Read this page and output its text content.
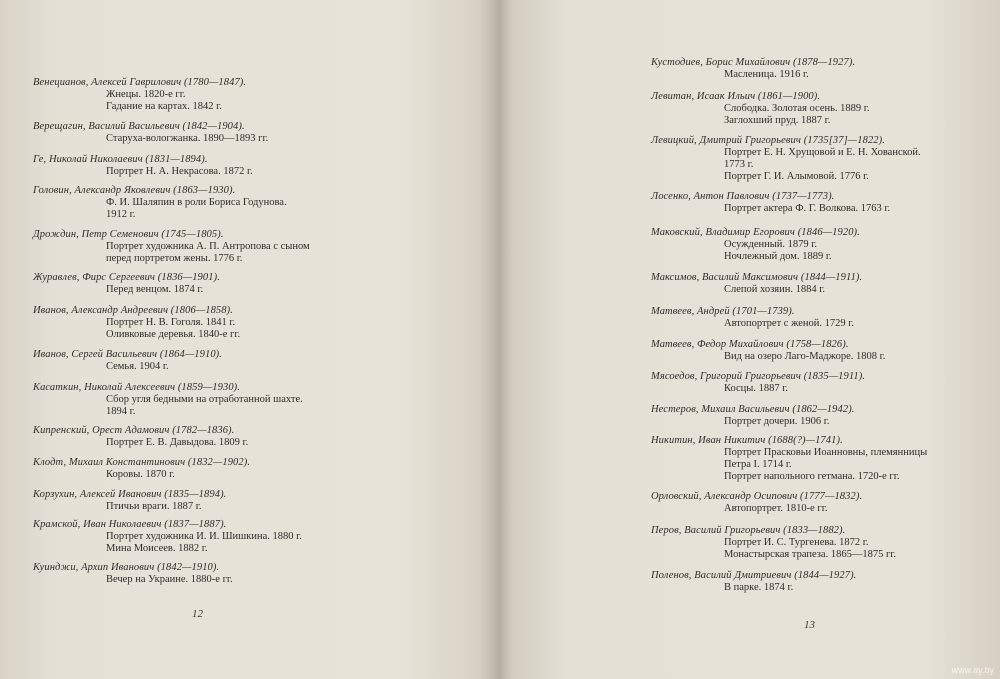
Венецианов, Алексей Гаврилович (1780—1847).
Жнецы. 1820-е гг.
Гадание на картах. 1842 г.
Верещагин, Василий Васильевич (1842—1904).
Старуха-вологжанка. 1890—1893 гг.
Ге, Николай Николаевич (1831—1894).
Портрет Н. А. Некрасова. 1872 г.
Головин, Александр Яковлевич (1863—1930).
Ф. И. Шаляпин в роли Бориса Годунова.
1912 г.
Дрождин, Петр Семенович (1745—1805).
Портрет художника А. П. Антропова с сыном
перед портретом жены. 1776 г.
Журавлев, Фирс Сергеевич (1836—1901).
Перед венцом. 1874 г.
Иванов, Александр Андреевич (1806—1858).
Портрет Н. В. Гоголя. 1841 г.
Оливковые деревья. 1840-е гг.
Иванов, Сергей Васильевич (1864—1910).
Семья. 1904 г.
Касаткин, Николай Алексеевич (1859—1930).
Сбор угля бедными на отработанной шахте.
1894 г.
Кипренский, Орест Адамович (1782—1836).
Портрет Е. В. Давыдова. 1809 г.
Клодт, Михаил Константинович (1832—1902).
Коровы. 1870 г.
Корзухин, Алексей Иванович (1835—1894).
Птичьи враги. 1887 г.
Крамской, Иван Николаевич (1837—1887).
Портрет художника И. И. Шишкина. 1880 г.
Мина Моисеев. 1882 г.
Куинджи, Архип Иванович (1842—1910).
Вечер на Украине. 1880-е гг.
12
Кустодиев, Борис Михайлович (1878—1927).
Масленица. 1916 г.
Левитан, Исаак Ильич (1861—1900).
Слободка. Золотая осень. 1889 г.
Заглохший пруд. 1887 г.
Левицкий, Дмитрий Григорьевич (1735[37]—1822).
Портрет Е. Н. Хрущовой и Е. Н. Хованской.
1773 г.
Портрет Г. И. Алымовой. 1776 г.
Лосенко, Антон Павлович (1737—1773).
Портрет актера Ф. Г. Волкова. 1763 г.
Маковский, Владимир Егорович (1846—1920).
Осужденный. 1879 г.
Ночлежный дом. 1889 г.
Максимов, Василий Максимович (1844—1911).
Слепой хозяин. 1884 г.
Матвеев, Андрей (1701—1739).
Автопортрет с женой. 1729 г.
Матвеев, Федор Михайлович (1758—1826).
Вид на озеро Лаго-Маджоре. 1808 г.
Мясоедов, Григорий Григорьевич (1835—1911).
Косцы. 1887 г.
Нестеров, Михаил Васильевич (1862—1942).
Портрет дочери. 1906 г.
Никитин, Иван Никитич (1688(?)—1741).
Портрет Прасковьи Иоанновны, племянницы
Петра I. 1714 г.
Портрет напольного гетмана. 1720-е гг.
Орловский, Александр Осипович (1777—1832).
Автопортрет. 1810-е гг.
Перов, Василий Григорьевич (1833—1882).
Портрет И. С. Тургенева. 1872 г.
Монастырская трапеза. 1865—1875 гг.
Поленов, Василий Дмитриевич (1844—1927).
В парке. 1874 г.
13
www.ay.by
